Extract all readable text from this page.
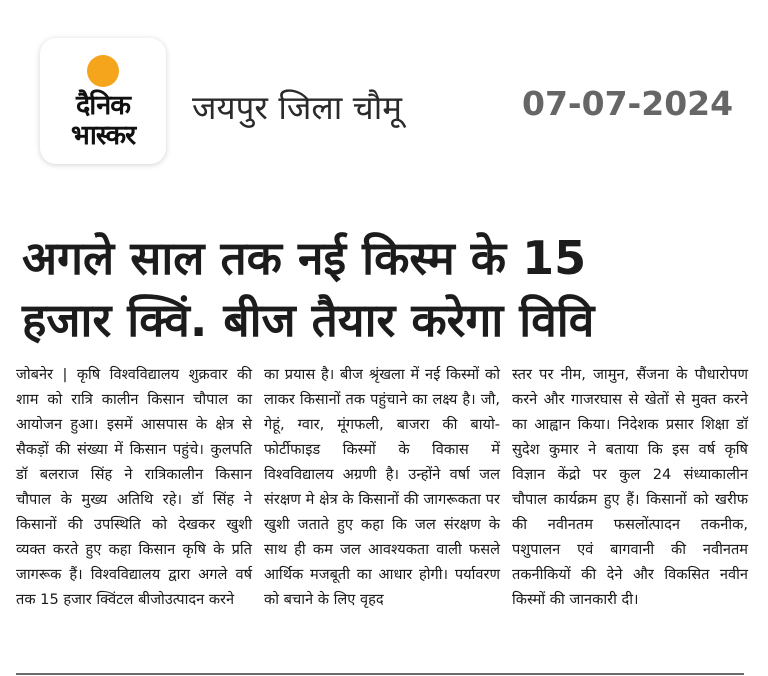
दैनिक
भास्कर
जयपुर जिला चौमू	07-07-2024
अगले साल तक नई किस्म के 15
हजार क्विं. बीज तैयार करेगा विवि
जोबनेर | कृषि विश्वविद्यालय शुक्रवार की शाम को रात्रि कालीन किसान चौपाल का आयोजन हुआ। इसमें आसपास के क्षेत्र से सैकड़ों की संख्या में किसान पहुंचे। कुलपति डॉ बलराज सिंह ने रात्रिकालीन किसान चौपाल के मुख्य अतिथि रहे। डॉ सिंह ने किसानों की उपस्थिति को देखकर खुशी व्यक्त करते हुए कहा किसान कृषि के प्रति जागरूक हैं। विश्वविद्यालय द्वारा अगले वर्ष तक 15 हजार क्विंटल बीजोउत्पादन करने
का प्रयास है। बीज श्रृंखला में नई किस्मों को लाकर किसानों तक पहुंचाने का लक्ष्य है। जौ, गेहूं, ग्वार, मूंगफली, बाजरा की बायो-फोर्टीफाइड किस्मों के विकास में विश्वविद्यालय अग्रणी है। उन्होंने वर्षा जल संरक्षण मे क्षेत्र के किसानों की जागरूकता पर खुशी जताते हुए कहा कि जल संरक्षण के साथ ही कम जल आवश्यकता वाली फसले आर्थिक मजबूती का आधार होगी। पर्यावरण को बचाने के लिए वृहद
स्तर पर नीम, जामुन, सैंजना के पौधारोपण करने और गाजरघास से खेतों से मुक्त करने का आह्वान किया। निदेशक प्रसार शिक्षा डॉ सुदेश कुमार ने बताया कि इस वर्ष कृषि विज्ञान केंद्रो पर कुल 24 संध्याकालीन चौपाल कार्यक्रम हुए हैं। किसानों को खरीफ की नवीनतम फसलोंत्पादन तकनीक, पशुपालन एवं बागवानी की नवीनतम तकनीकियों की देने और विकसित नवीन किस्मों की जानकारी दी।
